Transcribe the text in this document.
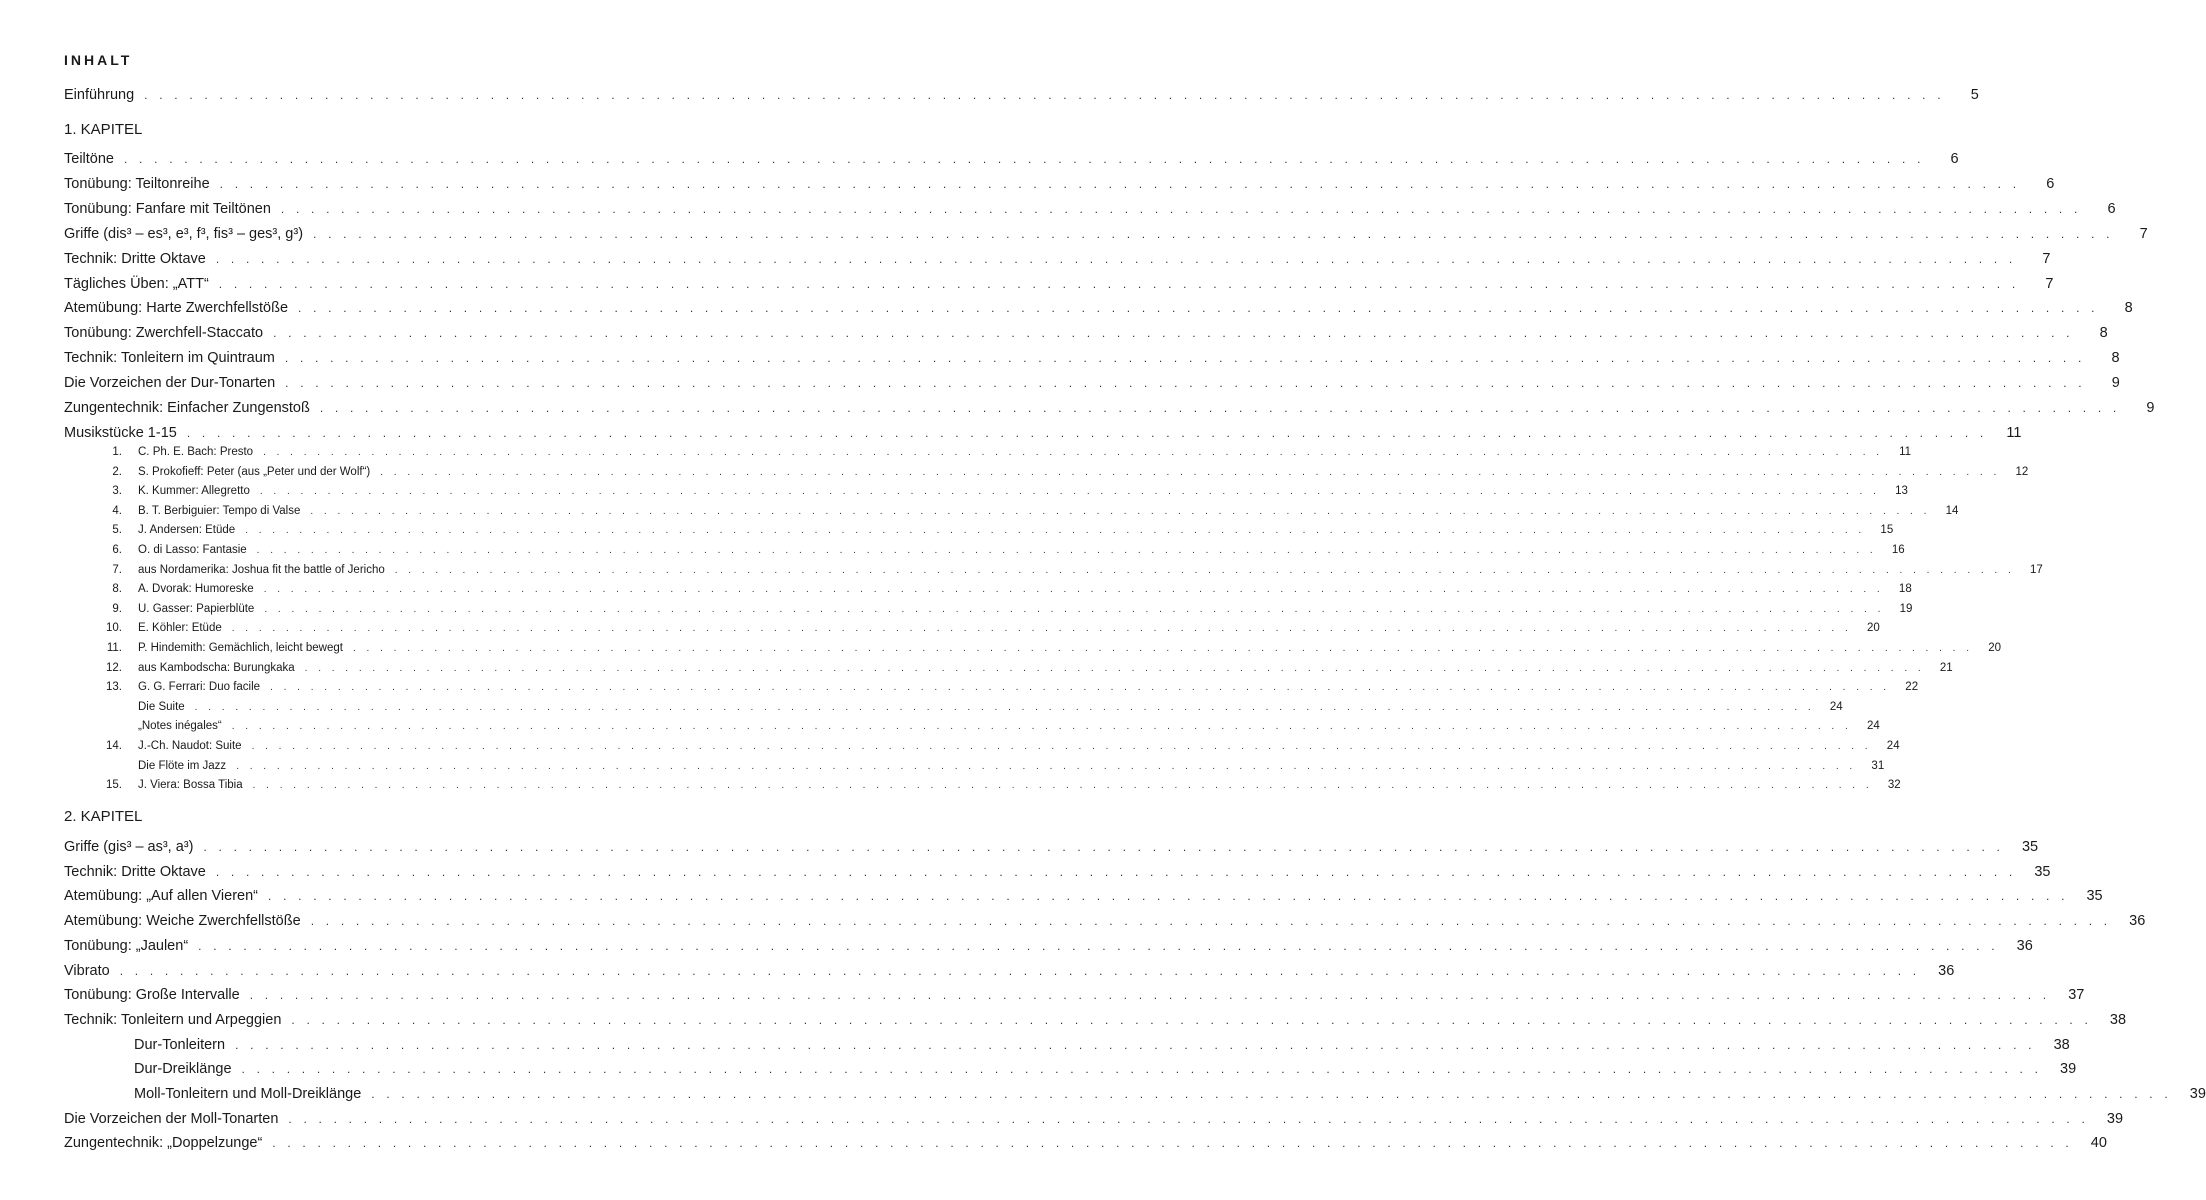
INHALT
Einführung . . . . . . . . . . . . . . . . . . . . . . . . . . . . . . . . . . . . . . . . . . . . . . . . . . . . . . . . . . . . . . . . . . . . . . . . . . . . . . . . . . . . . . . . . . . . . . . . . . . . . . . . . . . . . . . . . . . . . . . .	5
1. KAPITEL
Teiltöne . . . . . . . . . . . . . . . . . . . . . . . . . . . . . . . . . . . . . . . . . . . . . . . . . . . . . . . . . . . . . . . . . . . . . . . . . . . . . . . . . . . . . . . . . . . . . . . . . . . . . . . . . . . . . . . . . . . . . . . .	6
Tonübung: Teiltonreihe . . . . . . . . . . . . . . . . . . . . . . . . . . . . . . . . . . . . . . . . . . . . . . . . . . . . . . . . . . . . . . . . . . . . . . . . . . . . . . . . . . . . . . . . . . . . . . . . . . . . . . . . . . . . . . . . . . . . . . . .	6
Tonübung: Fanfare mit Teiltönen . . . . . . . . . . . . . . . . . . . . . . . . . . . . . . . . . . . . . . . . . . . . . . . . . . . . . . . . . . . . . . . . . . . . . . . . . . . . . . . . . . . . . . . . . . . . . . . . . . . . . . . . . . . . . . . . . . . . . . . .	6
Griffe (dis³ – es³, e³, f³, fis³ – ges³, g³) . . . . . . . . . . . . . . . . . . . . . . . . . . . . . . . . . . . . . . . . . . . . . . . . . . . . . . . . . . . . . . . . . . . . . . . . . . . . . . . . . . . . . . . . . . . . . . . . . . . . . . . . . . . . . . . . . . . . . . . .	7
Technik: Dritte Oktave . . . . . . . . . . . . . . . . . . . . . . . . . . . . . . . . . . . . . . . . . . . . . . . . . . . . . . . . . . . . . . . . . . . . . . . . . . . . . . . . . . . . . . . . . . . . . . . . . . . . . . . . . . . . . . . . . . . . . . . .	7
Tägliches Üben: „ATT“ . . . . . . . . . . . . . . . . . . . . . . . . . . . . . . . . . . . . . . . . . . . . . . . . . . . . . . . . . . . . . . . . . . . . . . . . . . . . . . . . . . . . . . . . . . . . . . . . . . . . . . . . . . . . . . . . . . . . . . . .	7
Atemübung: Harte Zwerchfellstöße . . . . . . . . . . . . . . . . . . . . . . . . . . . . . . . . . . . . . . . . . . . . . . . . . . . . . . . . . . . . . . . . . . . . . . . . . . . . . . . . . . . . . . . . . . . . . . . . . . . . . . . . . . . . . . . . . . . . . . . .	8
Tonübung: Zwerchfell-Staccato . . . . . . . . . . . . . . . . . . . . . . . . . . . . . . . . . . . . . . . . . . . . . . . . . . . . . . . . . . . . . . . . . . . . . . . . . . . . . . . . . . . . . . . . . . . . . . . . . . . . . . . . . . . . . . . . . . . . . . . .	8
Technik: Tonleitern im Quintraum . . . . . . . . . . . . . . . . . . . . . . . . . . . . . . . . . . . . . . . . . . . . . . . . . . . . . . . . . . . . . . . . . . . . . . . . . . . . . . . . . . . . . . . . . . . . . . . . . . . . . . . . . . . . . . . . . . . . . . . .	8
Die Vorzeichen der Dur-Tonarten . . . . . . . . . . . . . . . . . . . . . . . . . . . . . . . . . . . . . . . . . . . . . . . . . . . . . . . . . . . . . . . . . . . . . . . . . . . . . . . . . . . . . . . . . . . . . . . . . . . . . . . . . . . . . . . . . . . . . . . .	9
Zungentechnik: Einfacher Zungenstoß . . . . . . . . . . . . . . . . . . . . . . . . . . . . . . . . . . . . . . . . . . . . . . . . . . . . . . . . . . . . . . . . . . . . . . . . . . . . . . . . . . . . . . . . . . . . . . . . . . . . . . . . . . . . . . . . . . . . . . . .	9
Musikstücke 1-15 . . . . . . . . . . . . . . . . . . . . . . . . . . . . . . . . . . . . . . . . . . . . . . . . . . . . . . . . . . . . . . . . . . . . . . . . . . . . . . . . . . . . . . . . . . . . . . . . . . . . . . . . . . . . . . . . . . . . . . . .	11
1. C. Ph. E. Bach: Presto	. . . . . . . . . . . . . . . . . . . . . . . . . . . . . . . . . . . . . . . . . . . . . . . . . . . . . . . . . . . . . . . . . . . . . . . . . . . . . . . . . . . . . . . . . . . . . . . . . . . . . . . . . . . . . . . . . . . . . . . .	11
2. S. Prokofieff: Peter (aus „Peter und der Wolf“)	. . . . . . . . . . . . . . . . . . . . . . . . . . . . . . . . . . . . . . . . . . . . . . . . . . . . . . . . . . . . . . . . . . . . . . . . . . . . . . . . . . . . . . . . . . . . . . . . . . . . . . . . . . . . . . . . . . . . . . . .	12
3. K. Kummer: Allegretto	. . . . . . . . . . . . . . . . . . . . . . . . . . . . . . . . . . . . . . . . . . . . . . . . . . . . . . . . . . . . . . . . . . . . . . . . . . . . . . . . . . . . . . . . . . . . . . . . . . . . . . . . . . . . . . . . . . . . . . . .	13
4. B. T. Berbiguier: Tempo di Valse	. . . . . . . . . . . . . . . . . . . . . . . . . . . . . . . . . . . . . . . . . . . . . . . . . . . . . . . . . . . . . . . . . . . . . . . . . . . . . . . . . . . . . . . . . . . . . . . . . . . . . . . . . . . . . . . . . . . . . . . .	14
5. J. Andersen: Etüde	. . . . . . . . . . . . . . . . . . . . . . . . . . . . . . . . . . . . . . . . . . . . . . . . . . . . . . . . . . . . . . . . . . . . . . . . . . . . . . . . . . . . . . . . . . . . . . . . . . . . . . . . . . . . . . . . . . . . . . . .	15
6. O. di Lasso: Fantasie	. . . . . . . . . . . . . . . . . . . . . . . . . . . . . . . . . . . . . . . . . . . . . . . . . . . . . . . . . . . . . . . . . . . . . . . . . . . . . . . . . . . . . . . . . . . . . . . . . . . . . . . . . . . . . . . . . . . . . . . .	16
7. aus Nordamerika: Joshua fit the battle of Jericho	. . . . . . . . . . . . . . . . . . . . . . . . . . . . . . . . . . . . . . . . . . . . . . . . . . . . . . . . . . . . . . . . . . . . . . . . . . . . . . . . . . . . . . . . . . . . . . . . . . . . . . . . . . . . . . . . . . . . . . . .	17
8. A. Dvorak: Humoreske	. . . . . . . . . . . . . . . . . . . . . . . . . . . . . . . . . . . . . . . . . . . . . . . . . . . . . . . . . . . . . . . . . . . . . . . . . . . . . . . . . . . . . . . . . . . . . . . . . . . . . . . . . . . . . . . . . . . . . . . .	18
9. U. Gasser: Papierblüte	. . . . . . . . . . . . . . . . . . . . . . . . . . . . . . . . . . . . . . . . . . . . . . . . . . . . . . . . . . . . . . . . . . . . . . . . . . . . . . . . . . . . . . . . . . . . . . . . . . . . . . . . . . . . . . . . . . . . . . . .	19
10. E. Köhler: Etüde	. . . . . . . . . . . . . . . . . . . . . . . . . . . . . . . . . . . . . . . . . . . . . . . . . . . . . . . . . . . . . . . . . . . . . . . . . . . . . . . . . . . . . . . . . . . . . . . . . . . . . . . . . . . . . . . . . . . . . . . .	20
11. P. Hindemith: Gemächlich, leicht bewegt	. . . . . . . . . . . . . . . . . . . . . . . . . . . . . . . . . . . . . . . . . . . . . . . . . . . . . . . . . . . . . . . . . . . . . . . . . . . . . . . . . . . . . . . . . . . . . . . . . . . . . . . . . . . . . . . . . . . . . . . .	20
12. aus Kambodscha: Burungkaka	. . . . . . . . . . . . . . . . . . . . . . . . . . . . . . . . . . . . . . . . . . . . . . . . . . . . . . . . . . . . . . . . . . . . . . . . . . . . . . . . . . . . . . . . . . . . . . . . . . . . . . . . . . . . . . . . . . . . . . . .	21
13. G. G. Ferrari: Duo facile	. . . . . . . . . . . . . . . . . . . . . . . . . . . . . . . . . . . . . . . . . . . . . . . . . . . . . . . . . . . . . . . . . . . . . . . . . . . . . . . . . . . . . . . . . . . . . . . . . . . . . . . . . . . . . . . . . . . . . . . .	22
Die Suite	. . . . . . . . . . . . . . . . . . . . . . . . . . . . . . . . . . . . . . . . . . . . . . . . . . . . . . . . . . . . . . . . . . . . . . . . . . . . . . . . . . . . . . . . . . . . . . . . . . . . . . . . . . . . . . . . . . . . . . . .	24
„Notes inégales“	. . . . . . . . . . . . . . . . . . . . . . . . . . . . . . . . . . . . . . . . . . . . . . . . . . . . . . . . . . . . . . . . . . . . . . . . . . . . . . . . . . . . . . . . . . . . . . . . . . . . . . . . . . . . . . . . . . . . . . . .	24
14. J.-Ch. Naudot: Suite	. . . . . . . . . . . . . . . . . . . . . . . . . . . . . . . . . . . . . . . . . . . . . . . . . . . . . . . . . . . . . . . . . . . . . . . . . . . . . . . . . . . . . . . . . . . . . . . . . . . . . . . . . . . . . . . . . . . . . . . .	24
Die Flöte im Jazz	. . . . . . . . . . . . . . . . . . . . . . . . . . . . . . . . . . . . . . . . . . . . . . . . . . . . . . . . . . . . . . . . . . . . . . . . . . . . . . . . . . . . . . . . . . . . . . . . . . . . . . . . . . . . . . . . . . . . . . . .	31
15. J. Viera: Bossa Tibia	. . . . . . . . . . . . . . . . . . . . . . . . . . . . . . . . . . . . . . . . . . . . . . . . . . . . . . . . . . . . . . . . . . . . . . . . . . . . . . . . . . . . . . . . . . . . . . . . . . . . . . . . . . . . . . . . . . . . . . . .	32
2. KAPITEL
Griffe (gis³ – as³, a³) . . . . . . . . . . . . . . . . . . . . . . . . . . . . . . . . . . . . . . . . . . . . . . . . . . . . . . . . . . . . . . . . . . . . . . . . . . . . . . . . . . . . . . . . . . . . . . . . . . . . . . . . . . . . . . . . . . . . . . . .	35
Technik: Dritte Oktave . . . . . . . . . . . . . . . . . . . . . . . . . . . . . . . . . . . . . . . . . . . . . . . . . . . . . . . . . . . . . . . . . . . . . . . . . . . . . . . . . . . . . . . . . . . . . . . . . . . . . . . . . . . . . . . . . . . . . . . .	35
Atemübung: „Auf allen Vieren“ . . . . . . . . . . . . . . . . . . . . . . . . . . . . . . . . . . . . . . . . . . . . . . . . . . . . . . . . . . . . . . . . . . . . . . . . . . . . . . . . . . . . . . . . . . . . . . . . . . . . . . . . . . . . . . . . . . . . . . . .	35
Atemübung: Weiche Zwerchfellstöße . . . . . . . . . . . . . . . . . . . . . . . . . . . . . . . . . . . . . . . . . . . . . . . . . . . . . . . . . . . . . . . . . . . . . . . . . . . . . . . . . . . . . . . . . . . . . . . . . . . . . . . . . . . . . . . . . . . . . . . .	36
Tonübung: „Jaulen“ . . . . . . . . . . . . . . . . . . . . . . . . . . . . . . . . . . . . . . . . . . . . . . . . . . . . . . . . . . . . . . . . . . . . . . . . . . . . . . . . . . . . . . . . . . . . . . . . . . . . . . . . . . . . . . . . . . . . . . . .	36
Vibrato . . . . . . . . . . . . . . . . . . . . . . . . . . . . . . . . . . . . . . . . . . . . . . . . . . . . . . . . . . . . . . . . . . . . . . . . . . . . . . . . . . . . . . . . . . . . . . . . . . . . . . . . . . . . . . . . . . . . . . . .	36
Tonübung: Große Intervalle . . . . . . . . . . . . . . . . . . . . . . . . . . . . . . . . . . . . . . . . . . . . . . . . . . . . . . . . . . . . . . . . . . . . . . . . . . . . . . . . . . . . . . . . . . . . . . . . . . . . . . . . . . . . . . . . . . . . . . . .	37
Technik: Tonleitern und Arpeggien . . . . . . . . . . . . . . . . . . . . . . . . . . . . . . . . . . . . . . . . . . . . . . . . . . . . . . . . . . . . . . . . . . . . . . . . . . . . . . . . . . . . . . . . . . . . . . . . . . . . . . . . . . . . . . . . . . . . . . . .	38
Dur-Tonleitern . . . . . . . . . . . . . . . . . . . . . . . . . . . . . . . . . . . . . . . . . . . . . . . . . . . . . . . . . . . . . . . . . . . . . . . . . . . . . . . . . . . . . . . . . . . . . . . . . . . . . . . . . . . . . . . . . . . . . . . .	38
Dur-Dreiklänge . . . . . . . . . . . . . . . . . . . . . . . . . . . . . . . . . . . . . . . . . . . . . . . . . . . . . . . . . . . . . . . . . . . . . . . . . . . . . . . . . . . . . . . . . . . . . . . . . . . . . . . . . . . . . . . . . . . . . . . .	39
Moll-Tonleitern und Moll-Dreiklänge . . . . . . . . . . . . . . . . . . . . . . . . . . . . . . . . . . . . . . . . . . . . . . . . . . . . . . . . . . . . . . . . . . . . . . . . . . . . . . . . . . . . . . . . . . . . . . . . . . . . . . . . . . . . . . . . . . . . . . . .	39
Die Vorzeichen der Moll-Tonarten . . . . . . . . . . . . . . . . . . . . . . . . . . . . . . . . . . . . . . . . . . . . . . . . . . . . . . . . . . . . . . . . . . . . . . . . . . . . . . . . . . . . . . . . . . . . . . . . . . . . . . . . . . . . . . . . . . . . . . . .	39
Zungentechnik: „Doppelzunge“ . . . . . . . . . . . . . . . . . . . . . . . . . . . . . . . . . . . . . . . . . . . . . . . . . . . . . . . . . . . . . . . . . . . . . . . . . . . . . . . . . . . . . . . . . . . . . . . . . . . . . . . . . . . . . . . . . . . . . . . .	40
